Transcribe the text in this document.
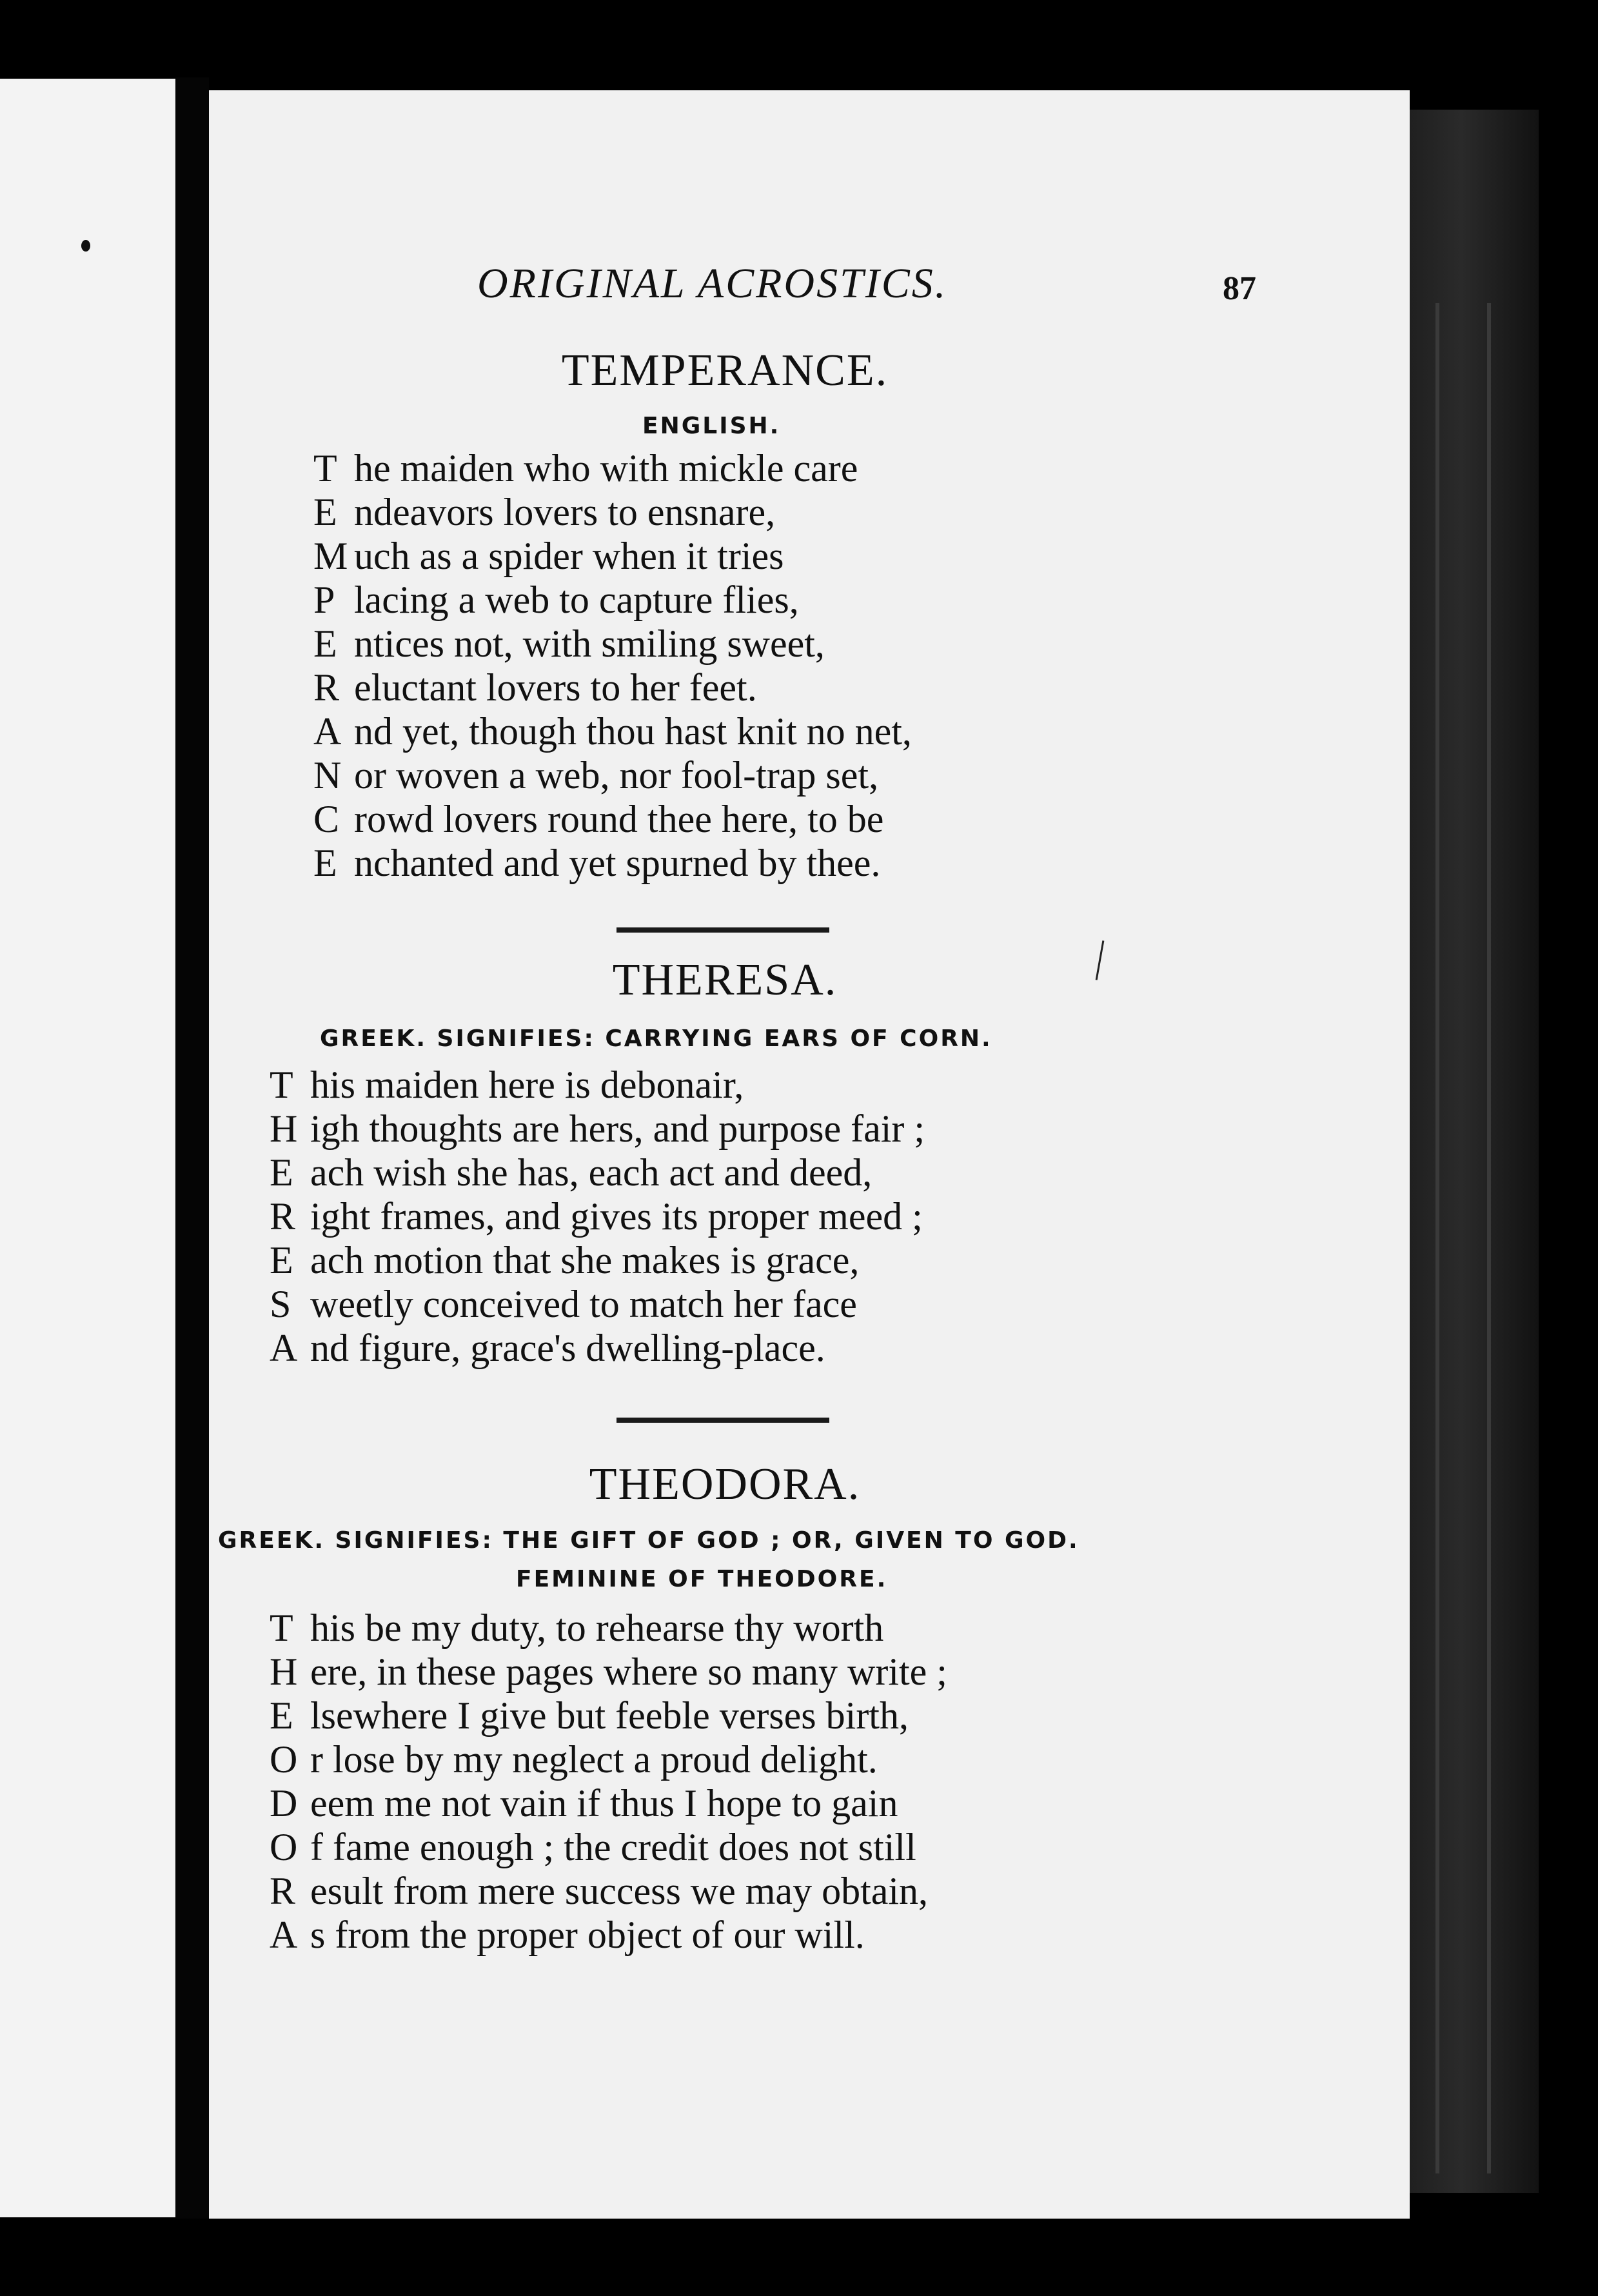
ORIGINAL ACROSTICS.	87
TEMPERANCE.
ENGLISH.
T he maiden who with mickle care
E ndeavors lovers to ensnare,
M uch as a spider when it tries
P lacing a web to capture flies,
E ntices not, with smiling sweet,
R eluctant lovers to her feet.
A nd yet, though thou hast knit no net,
N or woven a web, nor fool-trap set,
C rowd lovers round thee here, to be
E nchanted and yet spurned by thee.
THERESA.
GREEK. SIGNIFIES: CARRYING EARS OF CORN.
T his maiden here is debonair,
H igh thoughts are hers, and purpose fair ;
E ach wish she has, each act and deed,
R ight frames, and gives its proper meed ;
E ach motion that she makes is grace,
S weetly conceived to match her face
A nd figure, grace's dwelling-place.
THEODORA.
GREEK. SIGNIFIES: THE GIFT OF GOD ; OR, GIVEN TO GOD.
FEMININE OF THEODORE.
T his be my duty, to rehearse thy worth
H ere, in these pages where so many write ;
E lsewhere I give but feeble verses birth,
O r lose by my neglect a proud delight.
D eem me not vain if thus I hope to gain
O f fame enough ; the credit does not still
R esult from mere success we may obtain,
A s from the proper object of our will.
